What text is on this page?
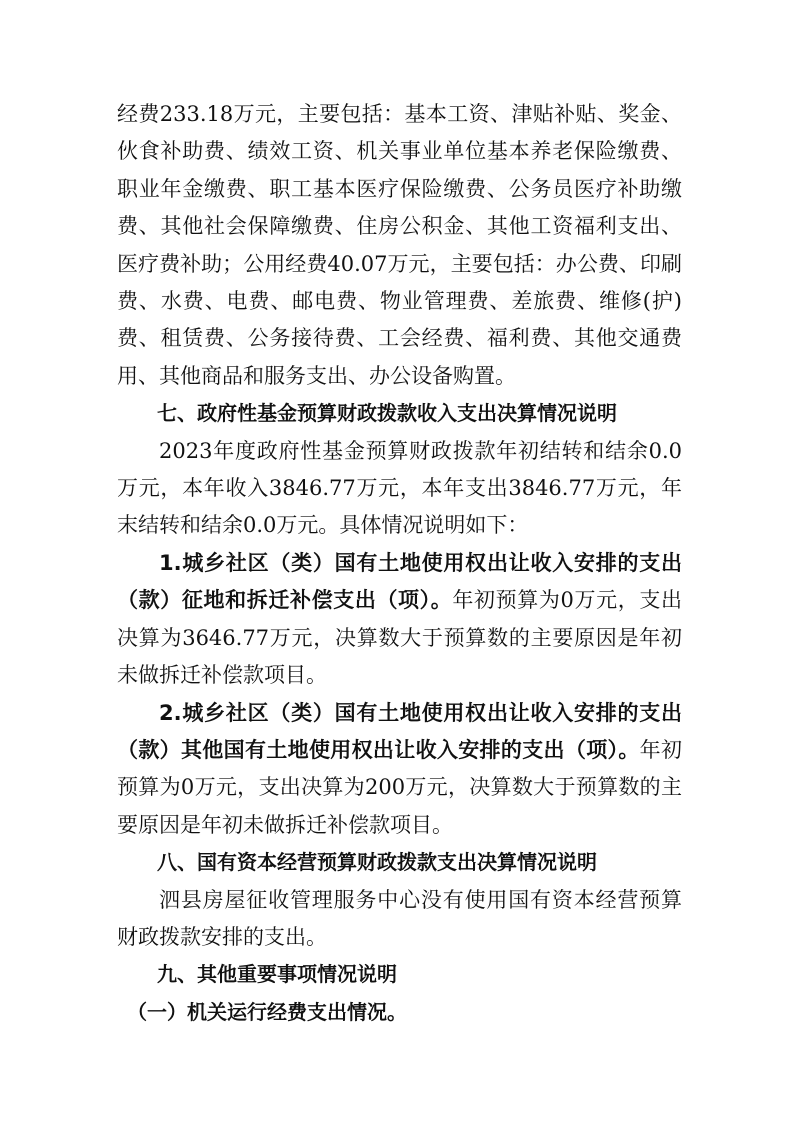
经费233.18万元，主要包括：基本工资、津贴补贴、奖金、伙食补助费、绩效工资、机关事业单位基本养老保险缴费、职业年金缴费、职工基本医疗保险缴费、公务员医疗补助缴费、其他社会保障缴费、住房公积金、其他工资福利支出、医疗费补助；公用经费40.07万元，主要包括：办公费、印刷费、水费、电费、邮电费、物业管理费、差旅费、维修(护)费、租赁费、公务接待费、工会经费、福利费、其他交通费用、其他商品和服务支出、办公设备购置。

七、政府性基金预算财政拨款收入支出决算情况说明

2023年度政府性基金预算财政拨款年初结转和结余0.0万元，本年收入3846.77万元，本年支出3846.77万元，年末结转和结余0.0万元。具体情况说明如下：

1.城乡社区（类）国有土地使用权出让收入安排的支出（款）征地和拆迁补偿支出（项）。年初预算为0万元，支出决算为3646.77万元，决算数大于预算数的主要原因是年初未做拆迁补偿款项目。

2.城乡社区（类）国有土地使用权出让收入安排的支出（款）其他国有土地使用权出让收入安排的支出（项）。年初预算为0万元，支出决算为200万元，决算数大于预算数的主要原因是年初未做拆迁补偿款项目。

八、国有资本经营预算财政拨款支出决算情况说明

泗县房屋征收管理服务中心没有使用国有资本经营预算财政拨款安排的支出。

九、其他重要事项情况说明

（一）机关运行经费支出情况。
